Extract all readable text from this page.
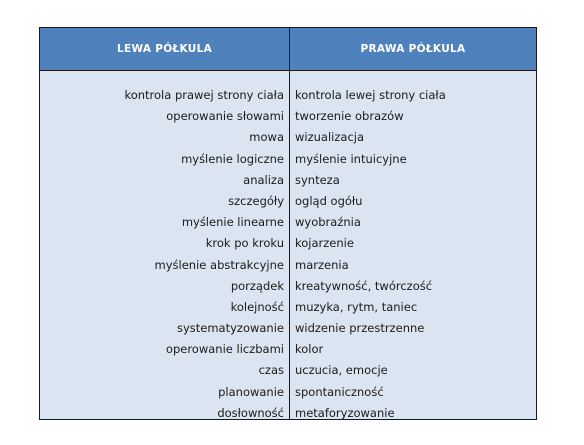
LEWA PÓŁKULA	PRAWA PÓŁKULA
kontrola prawej strony ciała
operowanie słowami
mowa
myślenie logiczne
analiza
szczegóły
myślenie linearne
krok po kroku
myślenie abstrakcyjne
porządek
kolejność
systematyzowanie
operowanie liczbami
czas
planowanie
dosłowność
kontrola lewej strony ciała
tworzenie obrazów
wizualizacja
myślenie intuicyjne
synteza
ogląd ogółu
wyobraźnia
kojarzenie
marzenia
kreatywność, twórczość
muzyka, rytm, taniec
widzenie przestrzenne
kolor
uczucia, emocje
spontaniczność
metaforyzowanie
